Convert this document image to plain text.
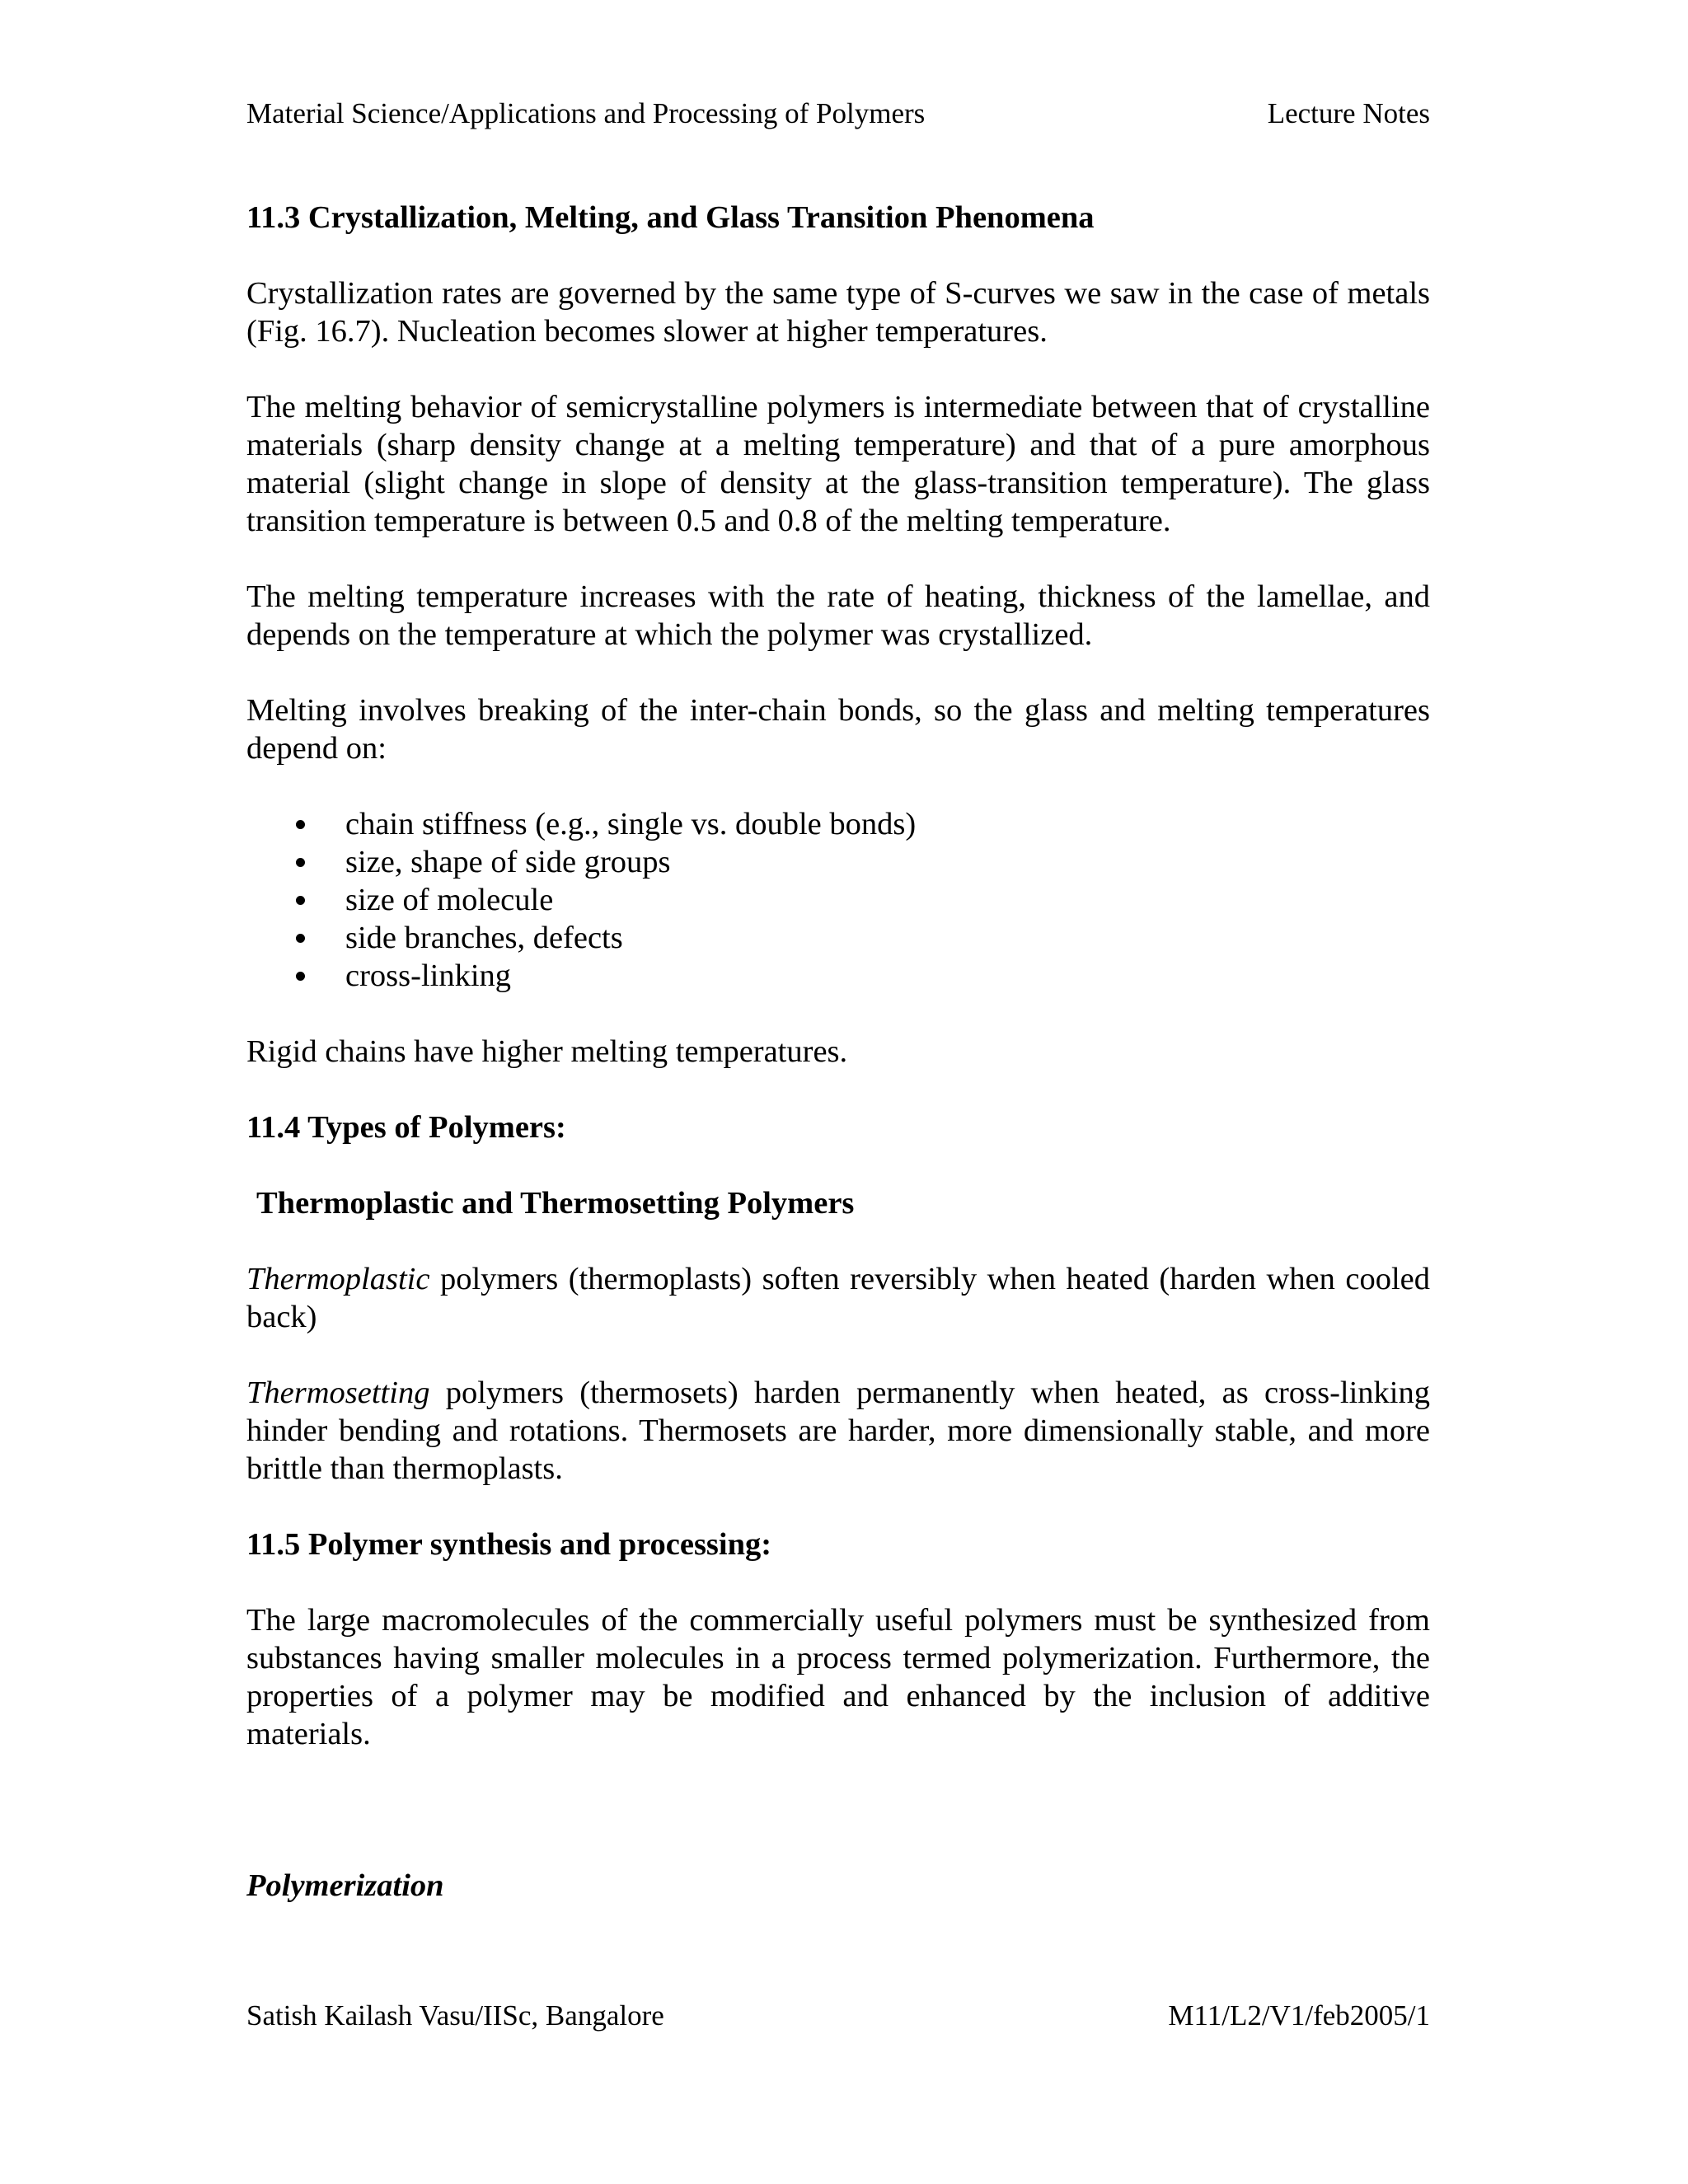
Material Science/Applications and Processing of Polymers	Lecture Notes
11.3 Crystallization, Melting, and Glass Transition Phenomena

Crystallization rates are governed by the same type of S-curves we saw in the case of metals (Fig. 16.7). Nucleation becomes slower at higher temperatures.

The melting behavior of semicrystalline polymers is intermediate between that of crystalline materials (sharp density change at a melting temperature) and that of a pure amorphous material (slight change in slope of density at the glass-transition temperature). The glass transition temperature is between 0.5 and 0.8 of the melting temperature.

The melting temperature increases with the rate of heating, thickness of the lamellae, and depends on the temperature at which the polymer was crystallized.

Melting involves breaking of the inter-chain bonds, so the glass and melting temperatures depend on:

chain stiffness (e.g., single vs. double bonds)
size, shape of side groups
size of molecule
side branches, defects
cross-linking

Rigid chains have higher melting temperatures.

11.4 Types of Polymers:
Thermoplastic and Thermosetting Polymers

Thermoplastic polymers (thermoplasts) soften reversibly when heated (harden when cooled back)

Thermosetting polymers (thermosets) harden permanently when heated, as cross-linking hinder bending and rotations. Thermosets are harder, more dimensionally stable, and more brittle than thermoplasts.

11.5 Polymer synthesis and processing:

The large macromolecules of the commercially useful polymers must be synthesized from substances having smaller molecules in a process termed polymerization. Furthermore, the properties of a polymer may be modified and enhanced by the inclusion of additive materials.

Polymerization

Satish Kailash Vasu/IISc, Bangalore	M11/L2/V1/feb2005/1
